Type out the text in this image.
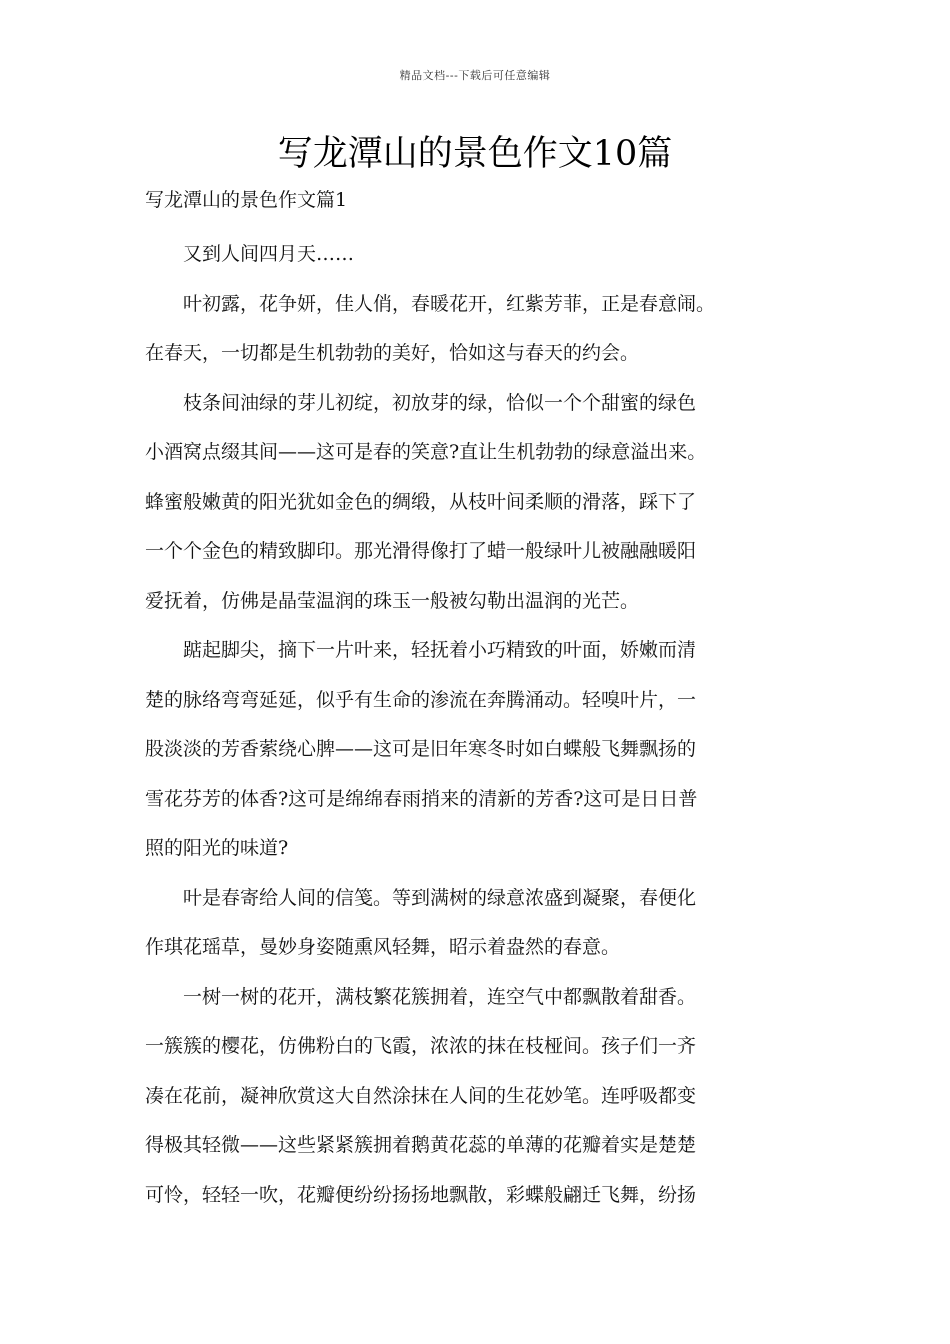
精品文档---下载后可任意编辑
写龙潭山的景色作文10篇
写龙潭山的景色作文篇1

又到人间四月天……

叶初露，花争妍，佳人俏，春暖花开，红紫芳菲，正是春意闹。
在春天，一切都是生机勃勃的美好，恰如这与春天的约会。

枝条间油绿的芽儿初绽，初放芽的绿，恰似一个个甜蜜的绿色
小酒窝点缀其间——这可是春的笑意?直让生机勃勃的绿意溢出来。
蜂蜜般嫩黄的阳光犹如金色的绸缎，从枝叶间柔顺的滑落，踩下了
一个个金色的精致脚印。那光滑得像打了蜡一般绿叶儿被融融暖阳
爱抚着，仿佛是晶莹温润的珠玉一般被勾勒出温润的光芒。

踮起脚尖，摘下一片叶来，轻抚着小巧精致的叶面，娇嫩而清
楚的脉络弯弯延延，似乎有生命的渗流在奔腾涌动。轻嗅叶片，一
股淡淡的芳香萦绕心脾——这可是旧年寒冬时如白蝶般飞舞飘扬的
雪花芬芳的体香?这可是绵绵春雨捎来的清新的芳香?这可是日日普
照的阳光的味道?

叶是春寄给人间的信笺。等到满树的绿意浓盛到凝聚，春便化
作琪花瑶草，曼妙身姿随熏风轻舞，昭示着盎然的春意。

一树一树的花开，满枝繁花簇拥着，连空气中都飘散着甜香。
一簇簇的樱花，仿佛粉白的飞霞，浓浓的抹在枝桠间。孩子们一齐
凑在花前，凝神欣赏这大自然涂抹在人间的生花妙笔。连呼吸都变
得极其轻微——这些紧紧簇拥着鹅黄花蕊的单薄的花瓣着实是楚楚
可怜，轻轻一吹，花瓣便纷纷扬扬地飘散，彩蝶般翩迁飞舞，纷扬
